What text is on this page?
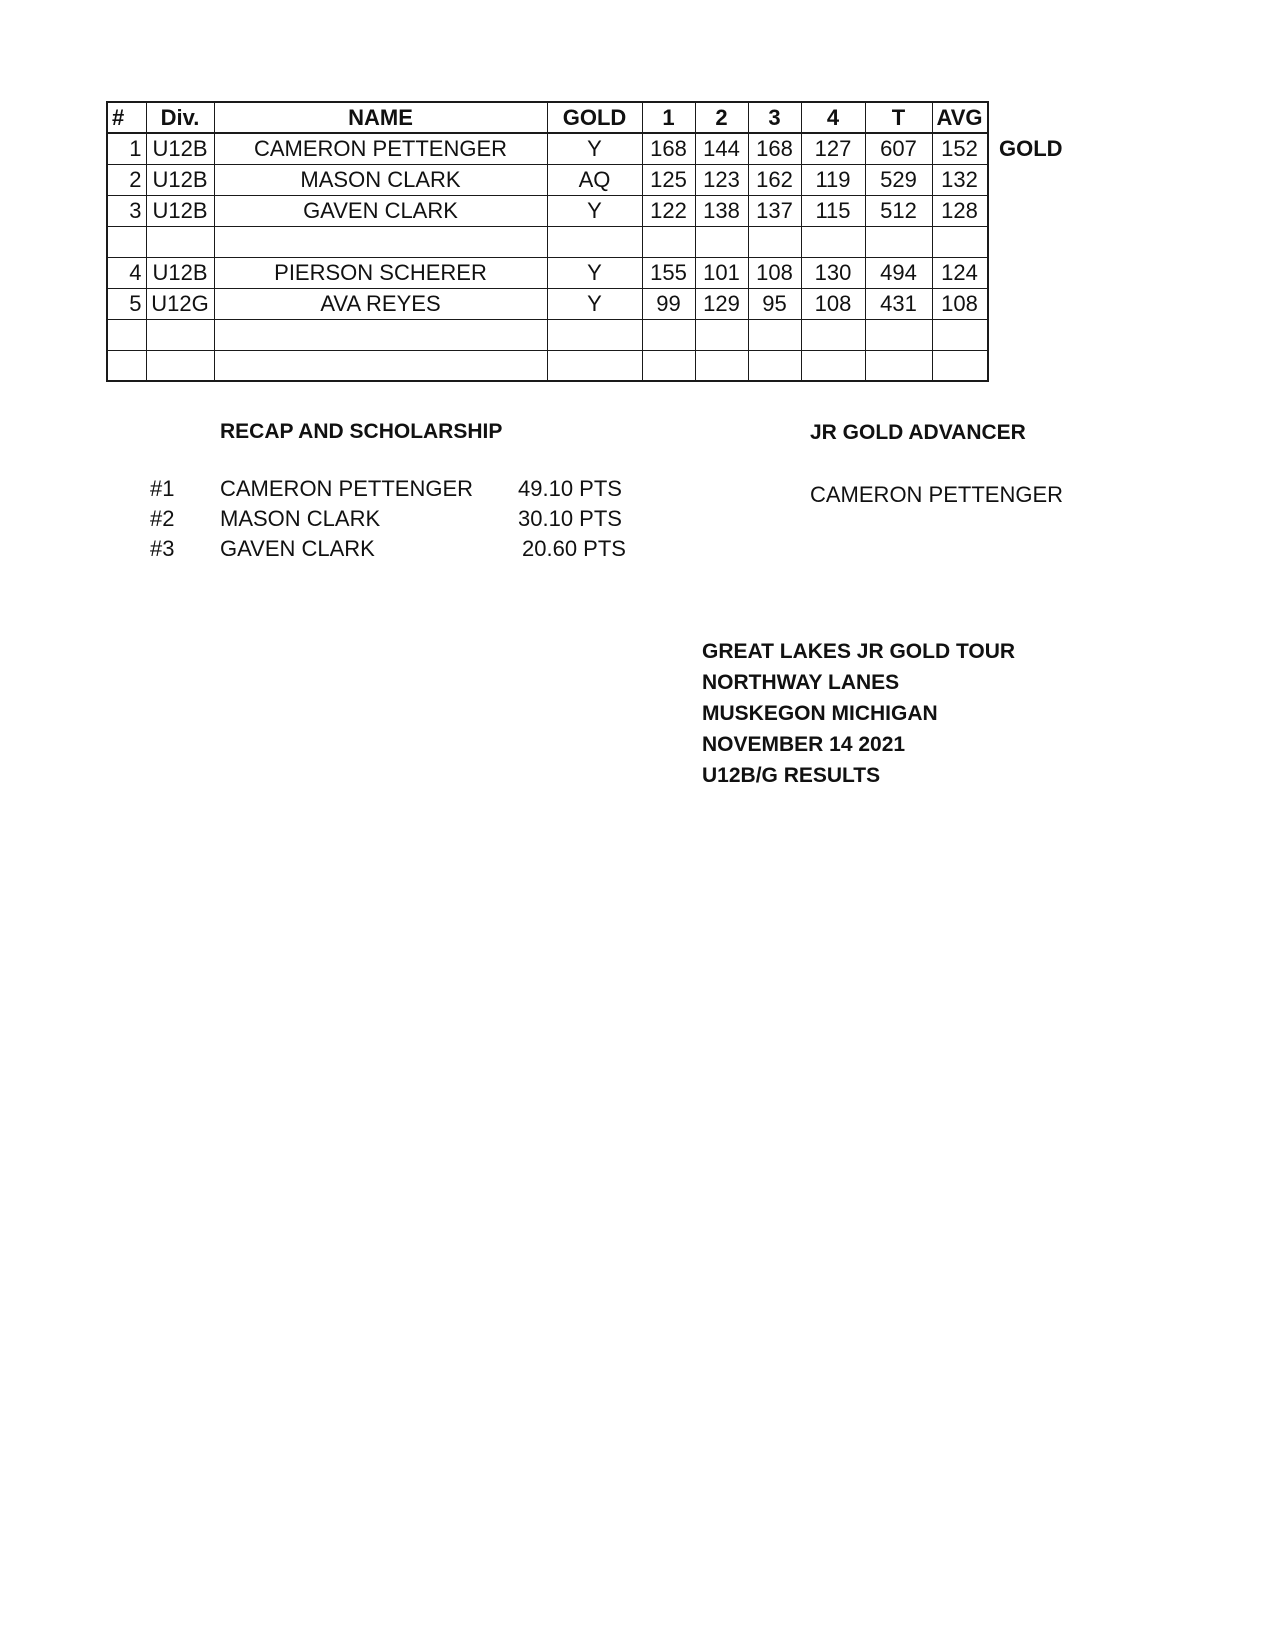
#	Div.	NAME	GOLD	1	2	3	4	T	AVG
1	U12B	CAMERON PETTENGER	Y	168	144	168	127	607	152
2	U12B	MASON CLARK	AQ	125	123	162	119	529	132
3	U12B	GAVEN CLARK	Y	122	138	137	115	512	128

4	U12B	PIERSON SCHERER	Y	155	101	108	130	494	124
5	U12G	AVA REYES	Y	99	129	95	108	431	108

GOLD
RECAP AND SCHOLARSHIP
#1 CAMERON PETTENGER 49.10 PTS
#2 MASON CLARK	30.10 PTS
#3 GAVEN CLARK	20.60 PTS
JR GOLD ADVANCER
CAMERON PETTENGER
GREAT LAKES JR GOLD TOUR
NORTHWAY LANES
MUSKEGON MICHIGAN
NOVEMBER 14 2021
U12B/G RESULTS
